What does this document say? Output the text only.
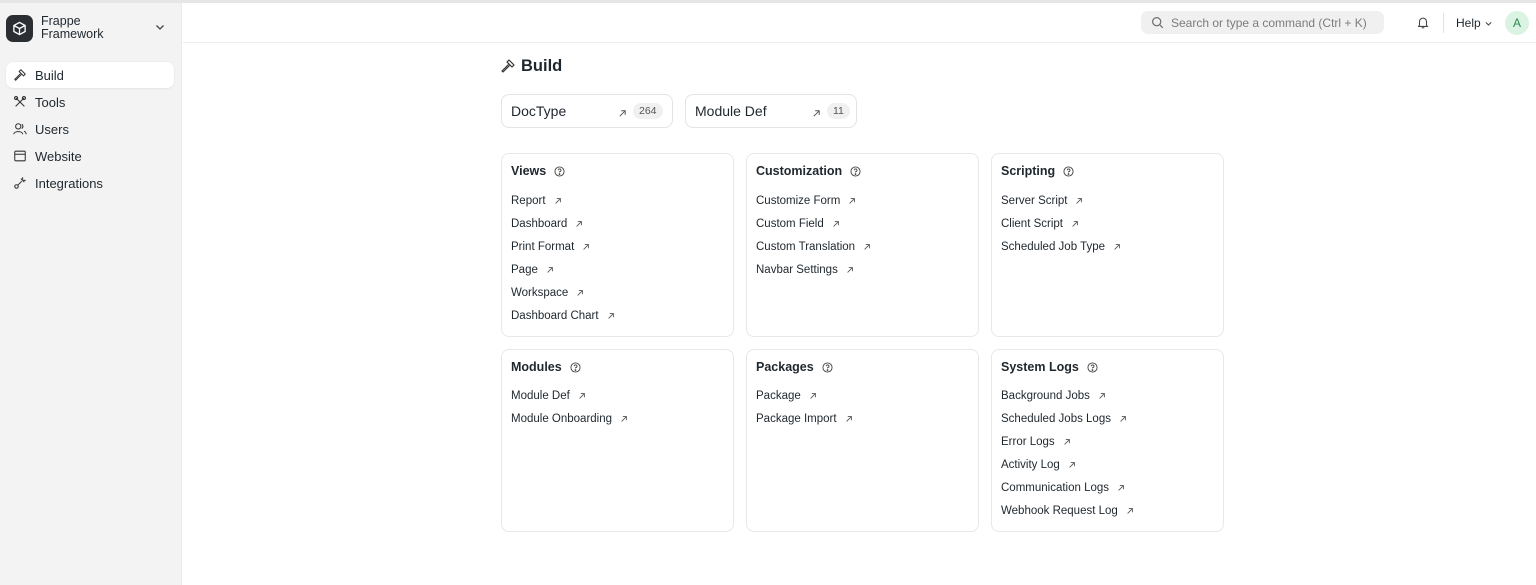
Frappe Framework
Build
Tools
Users
Website
Integrations
Search or type a command (Ctrl + K)	Help	A
Build
DocType	264	Module Def	11
Views
Report
Dashboard
Print Format
Page
Workspace
Dashboard Chart
Customization
Customize Form
Custom Field
Custom Translation
Navbar Settings
Scripting
Server Script
Client Script
Scheduled Job Type
Modules
Module Def
Module Onboarding
Packages
Package
Package Import
System Logs
Background Jobs
Scheduled Jobs Logs
Error Logs
Activity Log
Communication Logs
Webhook Request Log
